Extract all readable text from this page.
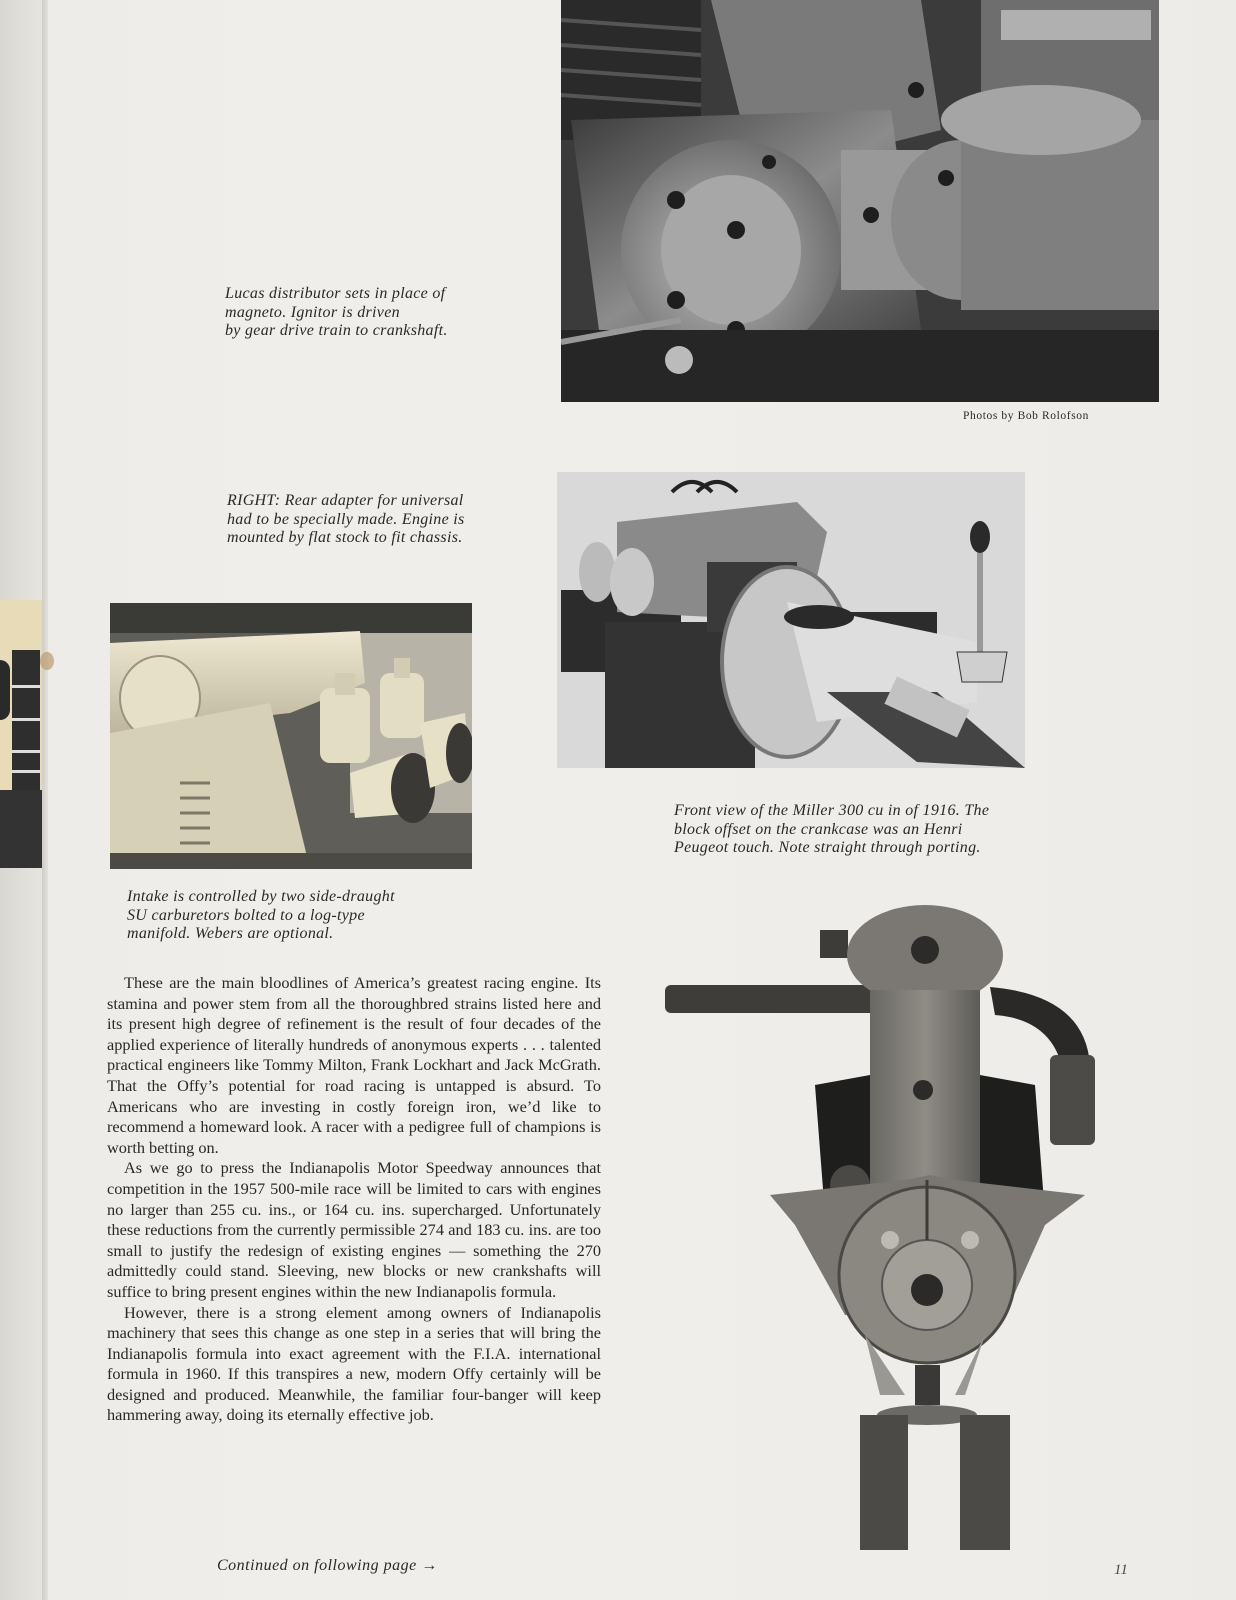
Lucas distributor sets in place of
magneto. Ignitor is driven
by gear drive train to crankshaft.

Photos by Bob Rolofson

RIGHT: Rear adapter for universal
had to be specially made. Engine is
mounted by flat stock to fit chassis.

Intake is controlled by two side-draught
SU carburetors bolted to a log-type
manifold. Webers are optional.

Front view of the Miller 300 cu in of 1916. The
block offset on the crankcase was an Henri
Peugeot touch. Note straight through porting.

These are the main bloodlines of America’s greatest racing engine. Its stamina and power stem from all the thoroughbred strains listed here and its present high degree of refinement is the result of four decades of the applied experience of literally hundreds of anonymous experts . . . talented practical engineers like Tommy Milton, Frank Lockhart and Jack McGrath. That the Offy’s potential for road racing is untapped is absurd. To Americans who are investing in costly foreign iron, we’d like to recommend a homeward look. A racer with a pedigree full of champions is worth betting on.

As we go to press the Indianapolis Motor Speedway announces that competition in the 1957 500-mile race will be limited to cars with engines no larger than 255 cu. ins., or 164 cu. ins. supercharged. Unfortunately these reductions from the currently permissible 274 and 183 cu. ins. are too small to justify the redesign of existing engines — something the 270 admittedly could stand. Sleeving, new blocks or new crankshafts will suffice to bring present engines within the new Indianapolis formula.

However, there is a strong element among owners of Indianapolis machinery that sees this change as one step in a series that will bring the Indianapolis formula into exact agreement with the F.I.A. international formula in 1960. If this transpires a new, modern Offy certainly will be designed and produced. Meanwhile, the familiar four-banger will keep hammering away, doing its eternally effective job.

Continued on following page →	11
